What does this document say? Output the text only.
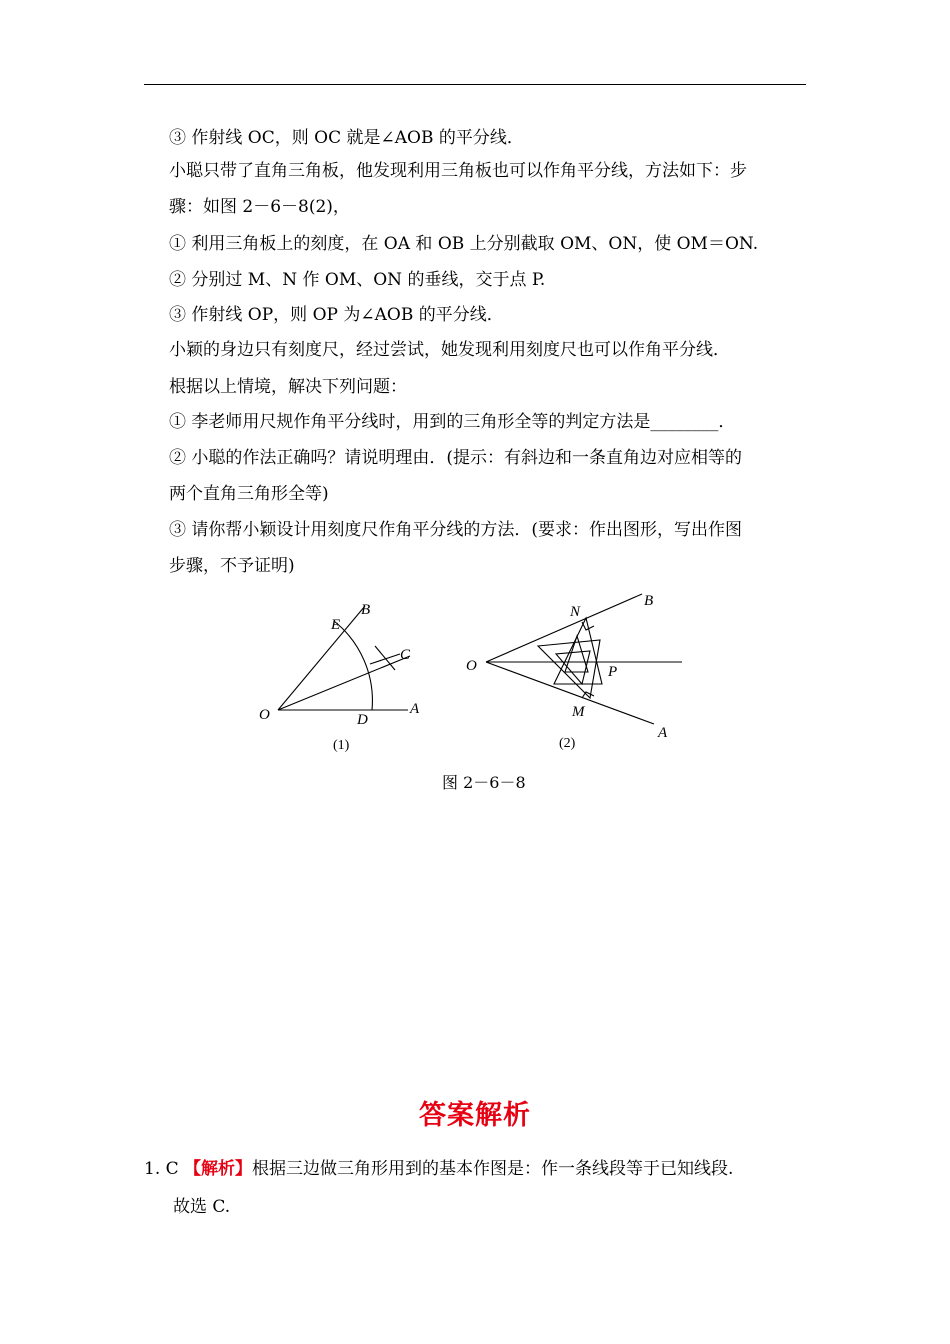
③ 作射线 OC，则 OC 就是∠AOB 的平分线．
小聪只带了直角三角板，他发现利用三角板也可以作角平分线，方法如下：步
骤：如图 2－6－8(2)，
① 利用三角板上的刻度，在 OA 和 OB 上分别截取 OM、ON，使 OM＝ON.
② 分别过 M、N 作 OM、ON 的垂线，交于点 P.
③ 作射线 OP，则 OP 为∠AOB 的平分线．
小颖的身边只有刻度尺，经过尝试，她发现利用刻度尺也可以作角平分线．
根据以上情境，解决下列问题：
① 李老师用尺规作角平分线时，用到的三角形全等的判定方法是________．
② 小聪的作法正确吗？请说明理由．(提示：有斜边和一条直角边对应相等的
两个直角三角形全等)
③ 请你帮小颖设计用刻度尺作角平分线的方法．(要求：作出图形，写出作图
步骤，不予证明)
B
E
C
O	D
A
(1)
N
B
O	P
M
A
(2)
图 2－6－8
答案解析
1. C 【解析】根据三边做三角形用到的基本作图是：作一条线段等于已知线段.
故选 C.
